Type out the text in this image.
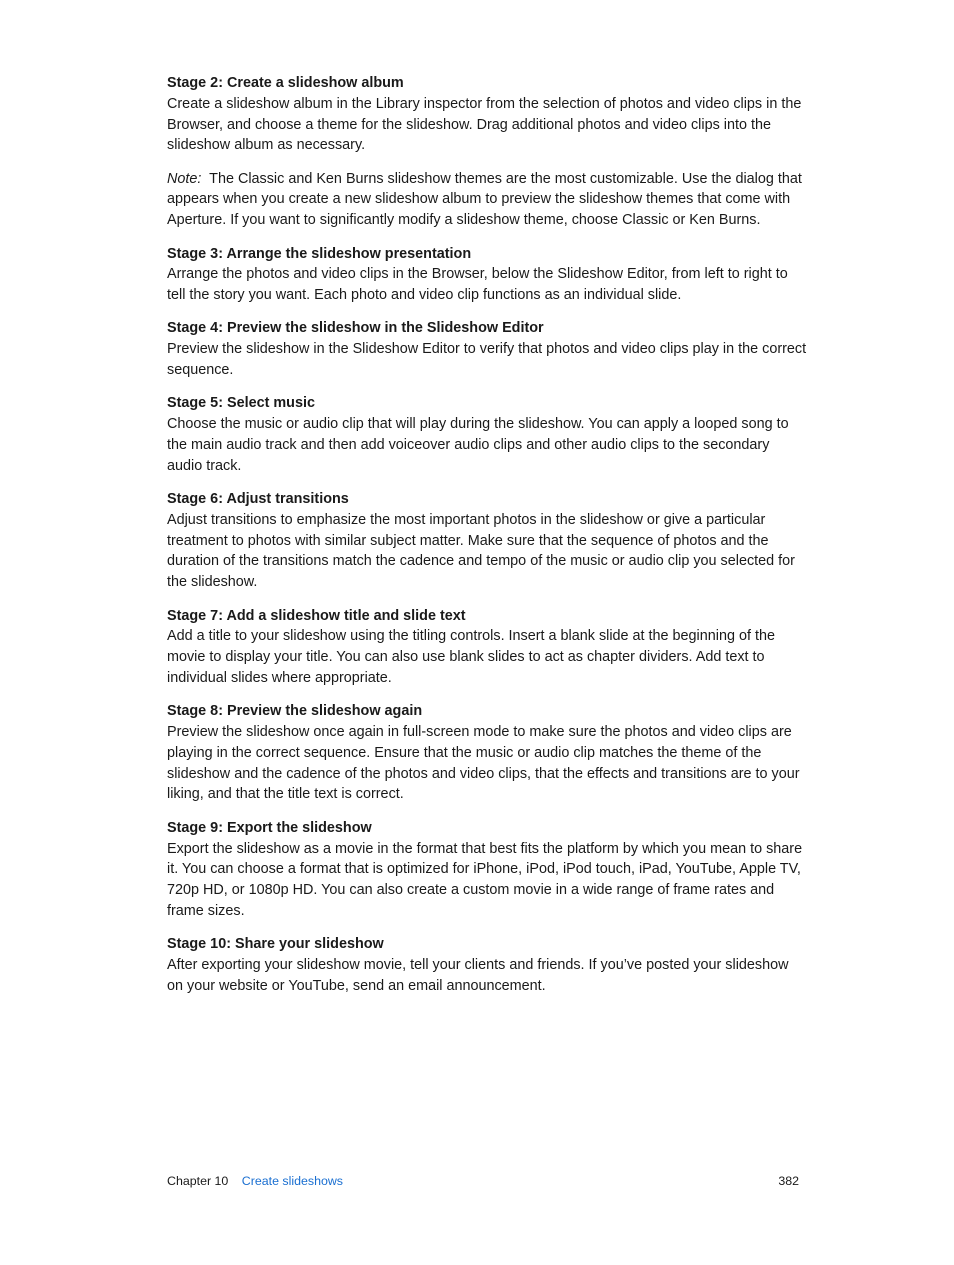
Stage 2: Create a slideshow album

Create a slideshow album in the Library inspector from the selection of photos and video clips in the Browser, and choose a theme for the slideshow. Drag additional photos and video clips into the slideshow album as necessary.

Note: The Classic and Ken Burns slideshow themes are the most customizable. Use the dialog that appears when you create a new slideshow album to preview the slideshow themes that come with Aperture. If you want to significantly modify a slideshow theme, choose Classic or Ken Burns.

Stage 3: Arrange the slideshow presentation

Arrange the photos and video clips in the Browser, below the Slideshow Editor, from left to right to tell the story you want. Each photo and video clip functions as an individual slide.

Stage 4: Preview the slideshow in the Slideshow Editor

Preview the slideshow in the Slideshow Editor to verify that photos and video clips play in the correct sequence.

Stage 5: Select music

Choose the music or audio clip that will play during the slideshow. You can apply a looped song to the main audio track and then add voiceover audio clips and other audio clips to the secondary audio track.

Stage 6: Adjust transitions

Adjust transitions to emphasize the most important photos in the slideshow or give a particular treatment to photos with similar subject matter. Make sure that the sequence of photos and the duration of the transitions match the cadence and tempo of the music or audio clip you selected for the slideshow.

Stage 7: Add a slideshow title and slide text

Add a title to your slideshow using the titling controls. Insert a blank slide at the beginning of the movie to display your title. You can also use blank slides to act as chapter dividers. Add text to individual slides where appropriate.

Stage 8: Preview the slideshow again

Preview the slideshow once again in full-screen mode to make sure the photos and video clips are playing in the correct sequence. Ensure that the music or audio clip matches the theme of the slideshow and the cadence of the photos and video clips, that the effects and transitions are to your liking, and that the title text is correct.

Stage 9: Export the slideshow

Export the slideshow as a movie in the format that best fits the platform by which you mean to share it. You can choose a format that is optimized for iPhone, iPod, iPod touch, iPad, YouTube, Apple TV, 720p HD, or 1080p HD. You can also create a custom movie in a wide range of frame rates and frame sizes.

Stage 10: Share your slideshow

After exporting your slideshow movie, tell your clients and friends. If you’ve posted your slideshow on your website or YouTube, send an email announcement.

Chapter 10 Create slideshows	382
